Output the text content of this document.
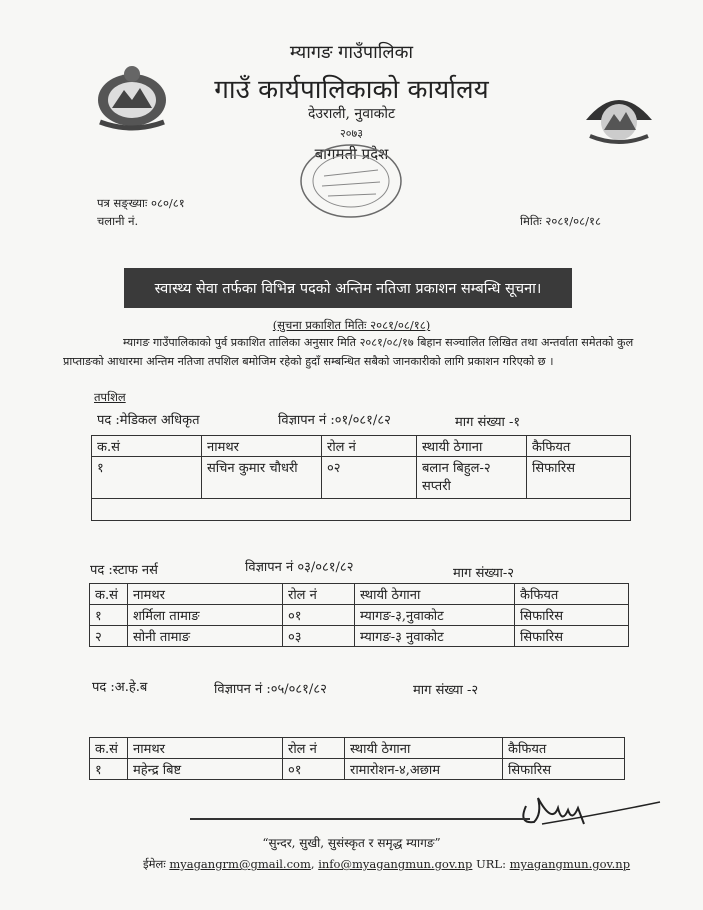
म्यागङ गाउँपालिका
गाउँ कार्यपालिकाको कार्यालय
देउराली, नुवाकोट
२०७३
बागमती प्रदेश
पत्र सङ्ख्याः ०८०/८१
चलानी नं.	मितिः २०८१/०८/१८
स्वास्थ्य सेवा तर्फका विभिन्न पदको अन्तिम नतिजा प्रकाशन सम्बन्धि सूचना।
(सुचना प्रकाशित मितिः २०८१/०८/१८)
म्यागङ गाउँपालिकाको पुर्व प्रकाशित तालिका अनुसार मिति २०८१/०८/१७ बिहान सञ्चालित लिखित तथा अन्तर्वाता समेतको कुल प्राप्ताङको आधारमा अन्तिम नतिजा तपशिल बमोजिम रहेको हुदाँ सम्बन्धित सबैको जानकारीको लागि प्रकाशन गरिएको छ ।
तपशिल
पद :मेडिकल अधिकृत	विज्ञापन नं :०१/०८१/८२	माग संख्या -१
क.सं	नामथर	रोल नं	स्थायी ठेगाना	कैफियत
१	सचिन कुमार चौधरी	०२	बलान बिहुल-२ सप्तरी	सिफारिस

पद :स्टाफ नर्स	विज्ञापन नं ०३/०८१/८२	माग संख्या-२
क.सं	नामथर	रोल नं	स्थायी ठेगाना	कैफियत
१	शर्मिला तामाङ	०१	म्यागङ-३,नुवाकोट	सिफारिस
२	सोनी तामाङ	०३	म्यागङ-३ नुवाकोट	सिफारिस
पद :अ.हे.ब	विज्ञापन नं :०५/०८१/८२	माग संख्या -२
क.सं	नामथर	रोल नं	स्थायी ठेगाना	कैफियत
१	महेन्द्र बिष्ट	०१	रामारोशन-४,अछाम	सिफारिस
“सुन्दर, सुखी, सुसंस्कृत र समृद्ध म्यागङ”
ईमेलः myagangrm@gmail.com, info@myagangmun.gov.np URL: myagangmun.gov.np
